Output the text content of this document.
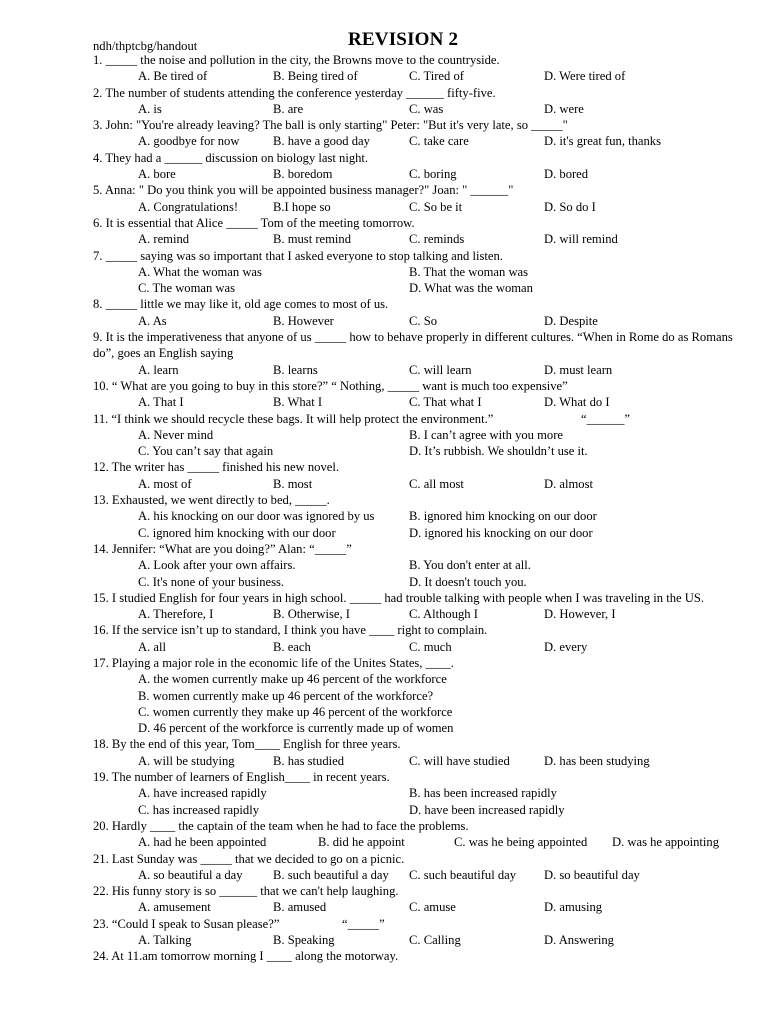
ndh/thptcbg/handout	REVISION 2
1. _____ the noise and pollution in the city, the Browns move to the countryside.
A. Be tired of	B. Being tired of	C. Tired of	D. Were tired of
2. The number of students attending the conference yesterday ______ fifty-five.
A. is	B. are	C. was	D. were
3. John: "You're already leaving? The ball is only starting" Peter: "But it's very late, so _____"
A. goodbye for now	B. have a good day	C. take care	D. it's great fun, thanks
4. They had a ______ discussion on biology last night.
A. bore	B. boredom	C. boring	D. bored
5. Anna: " Do you think you will be appointed business manager?" Joan: " ______"
A. Congratulations!	B.I hope so	C. So be it	D. So do I
6. It is essential that Alice _____ Tom of the meeting tomorrow.
A. remind	B. must remind	C. reminds	D. will remind
7. _____ saying was so important that I asked everyone to stop talking and listen.
A. What the woman was	B. That the woman was
C. The woman was	D. What was the woman
8. _____ little we may like it, old age comes to most of us.
A. As	B. However	C. So	D. Despite
9. It is the imperativeness that anyone of us _____ how to behave properly in different cultures. “When in Rome do as Romans do”, goes an English saying
A. learn	B. learns	C. will learn	D. must learn
10. “ What are you going to buy in this store?” “ Nothing, _____ want is much too expensive”
A. That I	B. What I	C. That what I	D. What do I
11. “I think we should recycle these bags. It will help protect the environment.”	“______”
A. Never mind	B. I can’t agree with you more
C. You can’t say that again	D. It’s rubbish. We shouldn’t use it.
12. The writer has _____ finished his new novel.
A. most of	B. most	C. all most	D. almost
13. Exhausted, we went directly to bed, _____.
A. his knocking on our door was ignored by us	B. ignored him knocking on our door
C. ignored him knocking with our door	D. ignored his knocking on our door
14. Jennifer: “What are you doing?” Alan: “_____”
A. Look after your own affairs.	B. You don't enter at all.
C. It's none of your business.	D. It doesn't touch you.
15. I studied English for four years in high school. _____ had trouble talking with people when I was traveling in the US.
A. Therefore, I	B. Otherwise, I	C. Although I	D. However, I
16. If the service isn’t up to standard, I think you have ____ right to complain.
A. all	B. each	C. much	D. every
17. Playing a major role in the economic life of the Unites States, ____.
A. the women currently make up 46 percent of the workforce
B. women currently make up 46 percent of the workforce?
C. women currently they make up 46 percent of the workforce
D. 46 percent of the workforce is currently made up of women
18. By the end of this year, Tom____ English for three years.
A. will be studying	B. has studied	C. will have studied	D. has been studying
19. The number of learners of English____ in recent years.
A. have increased rapidly	B. has been increased rapidly
C. has increased rapidly	D. have been increased rapidly
20. Hardly ____ the captain of the team when he had to face the problems.
A. had he been appointed	B. did he appoint	C. was he being appointed D. was he appointing
21. Last Sunday was _____ that we decided to go on a picnic.
A. so beautiful a day B. such beautiful a day C. such beautiful day D. so beautiful day
22. His funny story is so ______ that we can't help laughing.
A. amusement	B. amused	C. amuse	D. amusing
23. “Could I speak to Susan please?”	“_____”
A. Talking	B. Speaking	C. Calling	D. Answering
24. At 11.am tomorrow morning I ____ along the motorway.
